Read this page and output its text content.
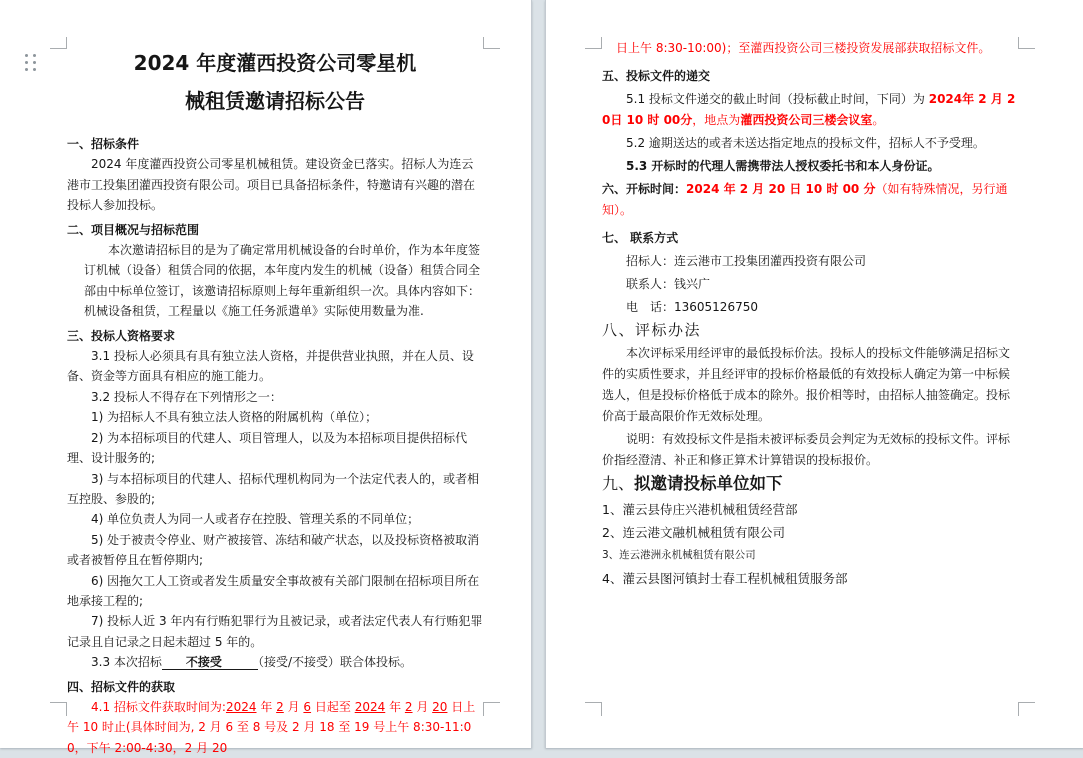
2024 年度灌西投资公司零星机
械租赁邀请招标公告
一、招标条件
　　2024 年度灌西投资公司零星机械租赁。建设资金已落实。招标人为连云港市工投集团灌西投资有限公司。项目已具备招标条件，特邀请有兴趣的潜在投标人参加投标。
二、项目概况与招标范围
　　本次邀请招标目的是为了确定常用机械设备的台时单价，作为本年度签订机械（设备）租赁合同的依据，本年度内发生的机械（设备）租赁合同全部由中标单位签订，该邀请招标原则上每年重新组织一次。具体内容如下：机械设备租赁，工程量以《施工任务派遣单》实际使用数量为准.
三、投标人资格要求
　　3.1 投标人必须具有具有独立法人资格，并提供营业执照，并在人员、设备、资金等方面具有相应的施工能力。
　　3.2 投标人不得存在下列情形之一：
　　1) 为招标人不具有独立法人资格的附属机构（单位）；
　　2) 为本招标项目的代建人、项目管理人，以及为本招标项目提供招标代理、设计服务的;
　　3) 与本招标项目的代建人、招标代理机构同为一个法定代表人的，或者相互控股、参股的;
　　4) 单位负责人为同一人或者存在控股、管理关系的不同单位；
　　5) 处于被责令停业、财产被接管、冻结和破产状态，以及投标资格被取消或者被暂停且在暂停期内;
　　6) 因拖欠工人工资或者发生质量安全事故被有关部门限制在招标项目所在地承接工程的;
　　7) 投标人近 3 年内有行贿犯罪行为且被记录，或者法定代表人有行贿犯罪记录且自记录之日起未超过 5 年的。
　　3.3 本次招标　　 不接受　　　	（接受/不接受）联合体投标。
四、招标文件的获取
　　4.1 招标文件获取时间为:2024 年 2 月 6 日起至 2024 年 2 月 20 日上午 10 时止(具体时间为, 2 月 6 至 8 号及 2 月 18 至 19 号上午 8:30-11:00，下午 2:00-4:30，2 月 20
日上午 8:30-10:00)；至灌西投资公司三楼投资发展部获取招标文件。
五、投标文件的递交
　　5.1 投标文件递交的截止时间（投标截止时间，下同）为 2024年 2 月 20日 10 时 00分，地点为灌西投资公司三楼会议室。
　　5.2 逾期送达的或者未送达指定地点的投标文件，招标人不予受理。
　　5.3 开标时的代理人需携带法人授权委托书和本人身份证。
六、开标时间：2024 年 2 月 20 日 10 时 00 分（如有特殊情况，另行通知）。
七、 联系方式
　　招标人：连云港市工投集团灌西投资有限公司
　　联系人：钱兴广
　　电　话：13605126750
八、评标办法
　　本次评标采用经评审的最低投标价法。投标人的投标文件能够满足招标文件的实质性要求，并且经评审的投标价格最低的有效投标人确定为第一中标候选人，但是投标价格低于成本的除外。报价相等时，由招标人抽签确定。投标价高于最高限价作无效标处理。
　　说明：有效投标文件是指未被评标委员会判定为无效标的投标文件。评标价指经澄清、补正和修正算术计算错误的投标报价。
九、拟邀请投标单位如下
1、灌云县侍庄兴港机械租赁经营部
2、连云港文融机械租赁有限公司
3、连云港洲永机械租赁有限公司
4、灌云县图河镇封士春工程机械租赁服务部
